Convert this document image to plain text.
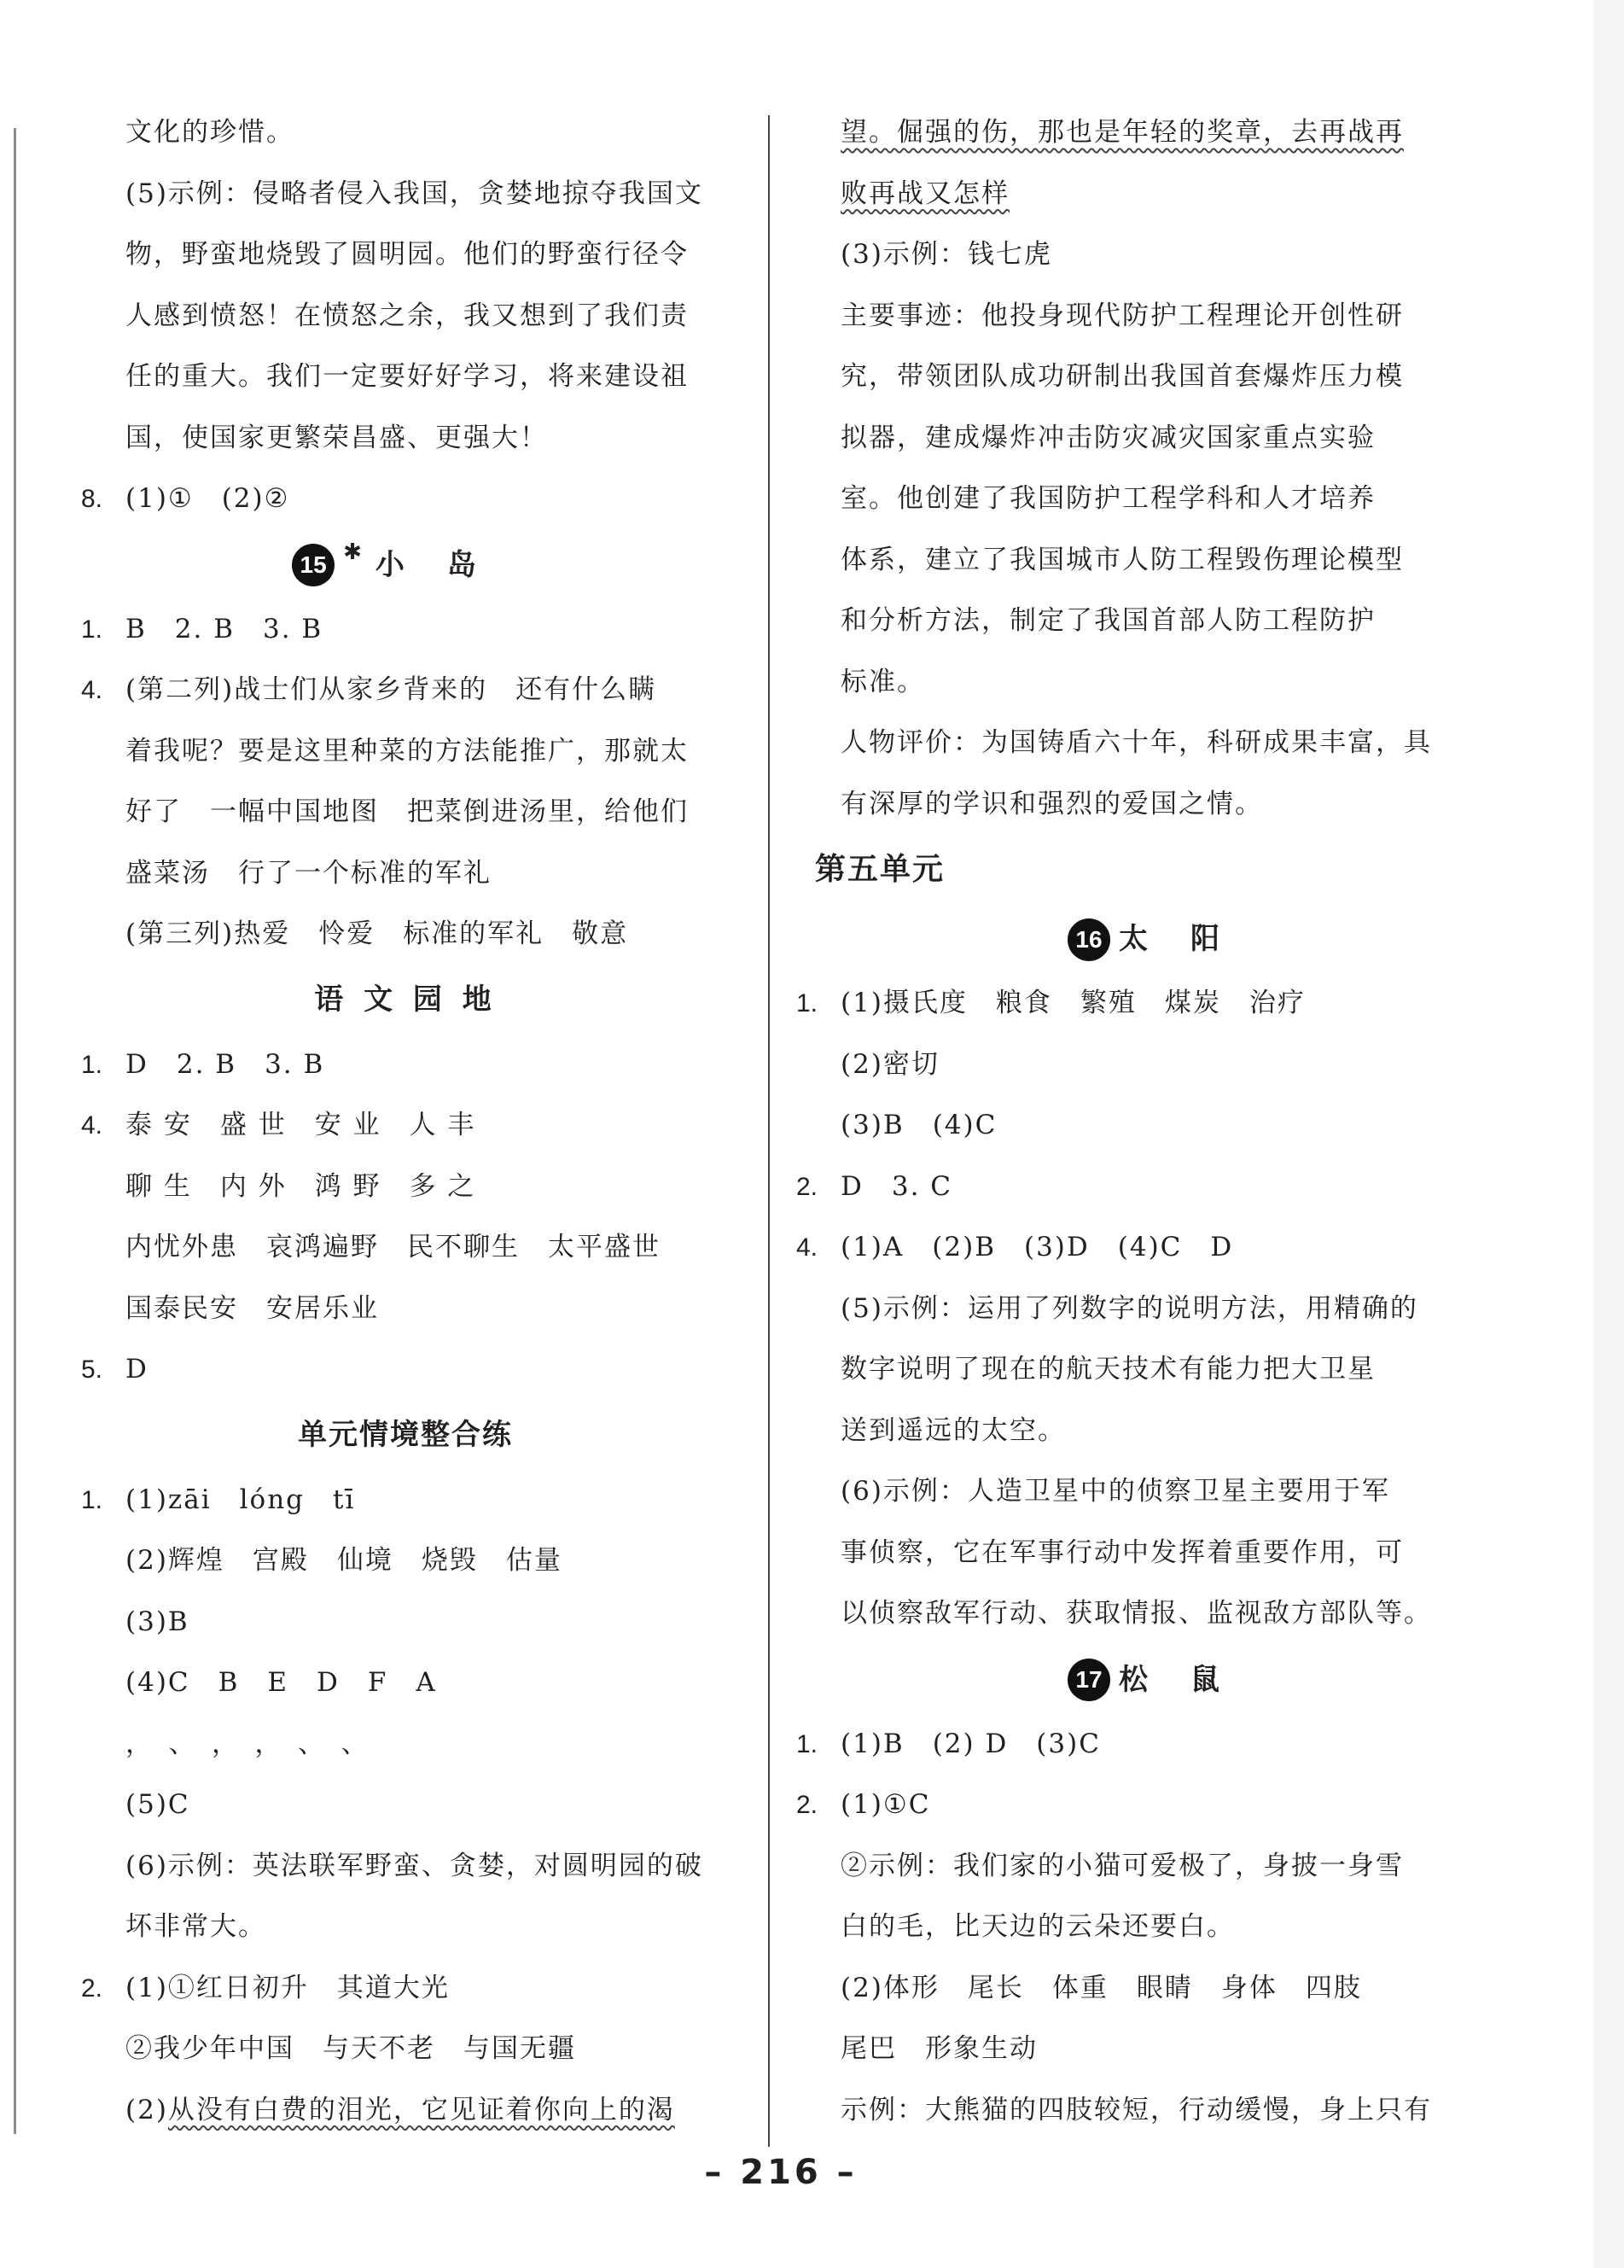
文化的珍惜。
(5)示例：侵略者侵入我国，贪婪地掠夺我国文
物，野蛮地烧毁了圆明园。他们的野蛮行径令
人感到愤怒！在愤怒之余，我又想到了我们责
任的重大。我们一定要好好学习，将来建设祖
国，使国家更繁荣昌盛、更强大！
8. (1)①　(2)②
15 ✱ 小岛
1. B　2. B　3. B
4. (第二列)战士们从家乡背来的　还有什么瞒
着我呢？要是这里种菜的方法能推广，那就太
好了　一幅中国地图　把菜倒进汤里，给他们
盛菜汤　行了一个标准的军礼
(第三列)热爱　怜爱　标准的军礼　敬意
语 文 园 地
1. D　2. B　3. B
4. 泰 安　盛 世　安 业　人 丰
聊 生　内 外　鸿 野　多 之
内忧外患　哀鸿遍野　民不聊生　太平盛世
国泰民安　安居乐业
5. D
单元情境整合练
1. (1)zāi　lóng　tī
(2)辉煌　宫殿　仙境　烧毁　估量
(3)B
(4)C　B　E　D　F　A
，　、　，　，　、　、
(5)C
(6)示例：英法联军野蛮、贪婪，对圆明园的破
坏非常大。
2. (1)①红日初升　其道大光
②我少年中国　与天不老　与国无疆
(2)从没有白费的泪光，它见证着你向上的渴
望。倔强的伤，那也是年轻的奖章，去再战再
败再战又怎样
(3)示例：钱七虎
主要事迹：他投身现代防护工程理论开创性研
究，带领团队成功研制出我国首套爆炸压力模
拟器，建成爆炸冲击防灾减灾国家重点实验
室。他创建了我国防护工程学科和人才培养
体系，建立了我国城市人防工程毁伤理论模型
和分析方法，制定了我国首部人防工程防护
标准。
人物评价：为国铸盾六十年，科研成果丰富，具
有深厚的学识和强烈的爱国之情。
第五单元
16 太阳
1. (1)摄氏度　粮食　繁殖　煤炭　治疗
(2)密切
(3)B　(4)C
2. D　3. C
4. (1)A　(2)B　(3)D　(4)C　D
(5)示例：运用了列数字的说明方法，用精确的
数字说明了现在的航天技术有能力把大卫星
送到遥远的太空。
(6)示例：人造卫星中的侦察卫星主要用于军
事侦察，它在军事行动中发挥着重要作用，可
以侦察敌军行动、获取情报、监视敌方部队等。
17 松鼠
1. (1)B　(2) D　(3)C
2. (1)①C
②示例：我们家的小猫可爱极了，身披一身雪
白的毛，比天边的云朵还要白。
(2)体形　尾长　体重　眼睛　身体　四肢
尾巴　形象生动
示例：大熊猫的四肢较短，行动缓慢，身上只有
– 216 –
